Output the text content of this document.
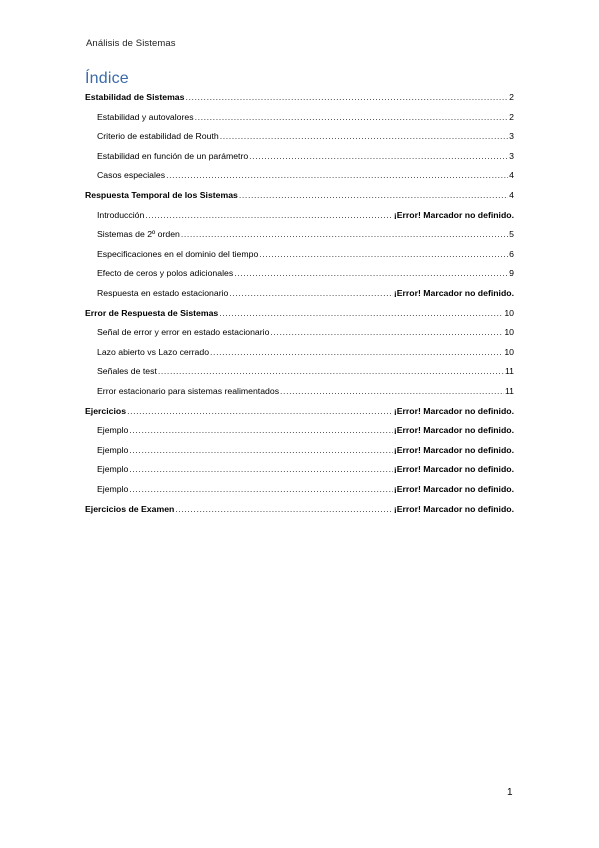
Análisis de Sistemas
Índice
Estabilidad de Sistemas .....	2
Estabilidad y autovalores .....	2
Criterio de estabilidad de Routh .....	3
Estabilidad en función de un parámetro .....	3
Casos especiales .....	4
Respuesta Temporal de los Sistemas .....	4
Introducción .....	¡Error! Marcador no definido.
Sistemas de 2º orden .....	5
Especificaciones en el dominio del tiempo .....	6
Efecto de ceros y polos adicionales .....	9
Respuesta en estado estacionario .....	¡Error! Marcador no definido.
Error de Respuesta de Sistemas .....	10
Señal de error y error en estado estacionario .....	10
Lazo abierto vs Lazo cerrado .....	10
Señales de test .....	11
Error estacionario para sistemas realimentados .....	11
Ejercicios .....	¡Error! Marcador no definido.
Ejemplo .....	¡Error! Marcador no definido.
Ejemplo .....	¡Error! Marcador no definido.
Ejemplo .....	¡Error! Marcador no definido.
Ejemplo .....	¡Error! Marcador no definido.
Ejercicios de Examen .....	¡Error! Marcador no definido.
1
